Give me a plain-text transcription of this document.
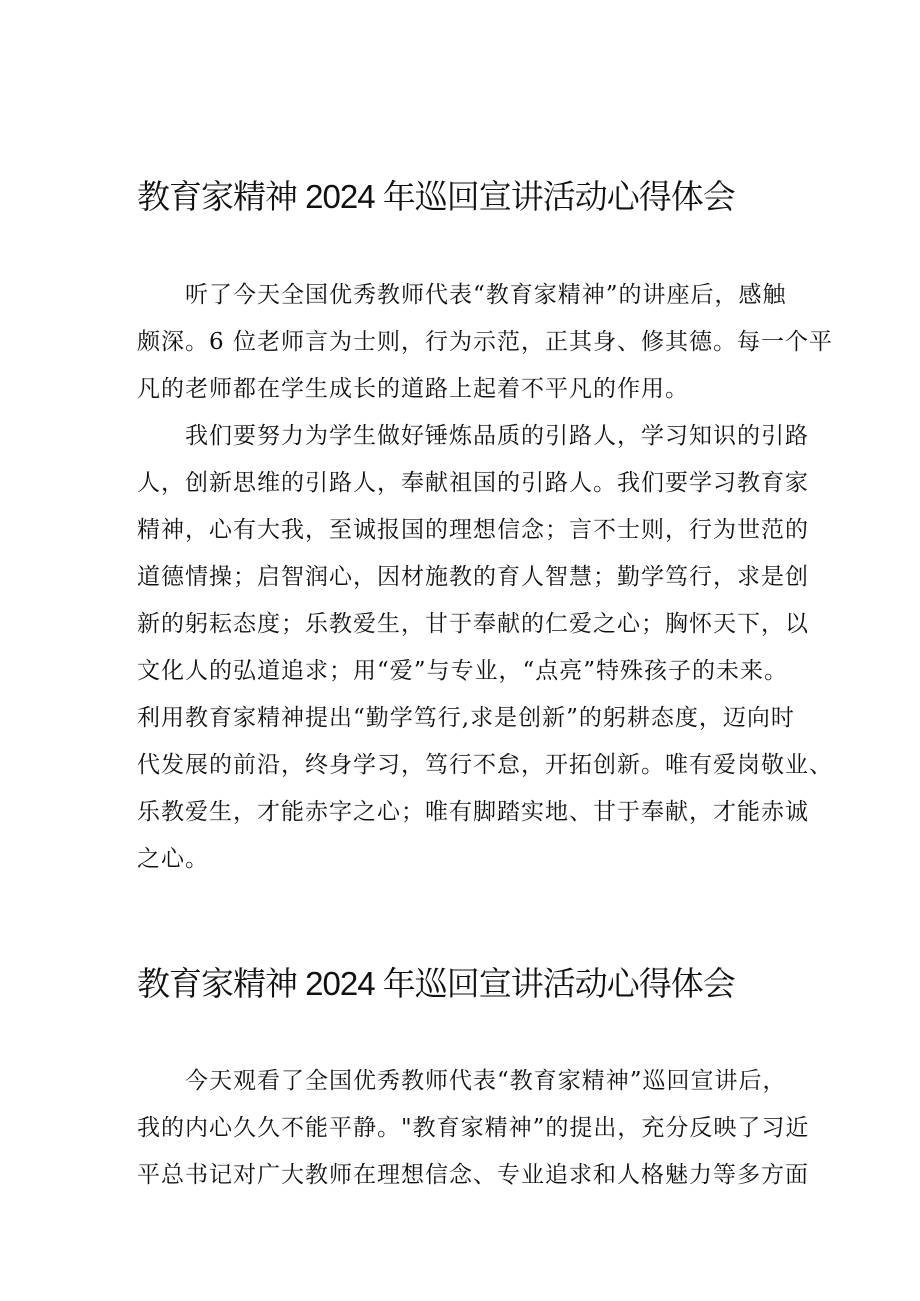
教育家精神 2024 年巡回宣讲活动心得体会

听了今天全国优秀教师代表“教育家精神”的讲座后，感触

颇深。6 位老师言为士则，行为示范，正其身、修其德。每一个平

凡的老师都在学生成长的道路上起着不平凡的作用。

我们要努力为学生做好锤炼品质的引路人，学习知识的引路

人，创新思维的引路人，奉献祖国的引路人。我们要学习教育家

精神，心有大我，至诚报国的理想信念；言不士则，行为世范的

道德情操；启智润心，因材施教的育人智慧；勤学笃行，求是创

新的躬耘态度；乐教爱生，甘于奉献的仁爱之心；胸怀天下，以

文化人的弘道追求；用“爱”与专业，“点亮”特殊孩子的未来。

利用教育家精神提出“勤学笃行,求是创新”的躬耕态度，迈向时

代发展的前沿，终身学习，笃行不怠，开拓创新。唯有爱岗敬业、

乐教爱生，才能赤字之心；唯有脚踏实地、甘于奉献，才能赤诚

之心。

教育家精神 2024 年巡回宣讲活动心得体会

今天观看了全国优秀教师代表“教育家精神”巡回宣讲后，

我的内心久久不能平静。"教育家精神”的提出，充分反映了习近

平总书记对广大教师在理想信念、专业追求和人格魅力等多方面
